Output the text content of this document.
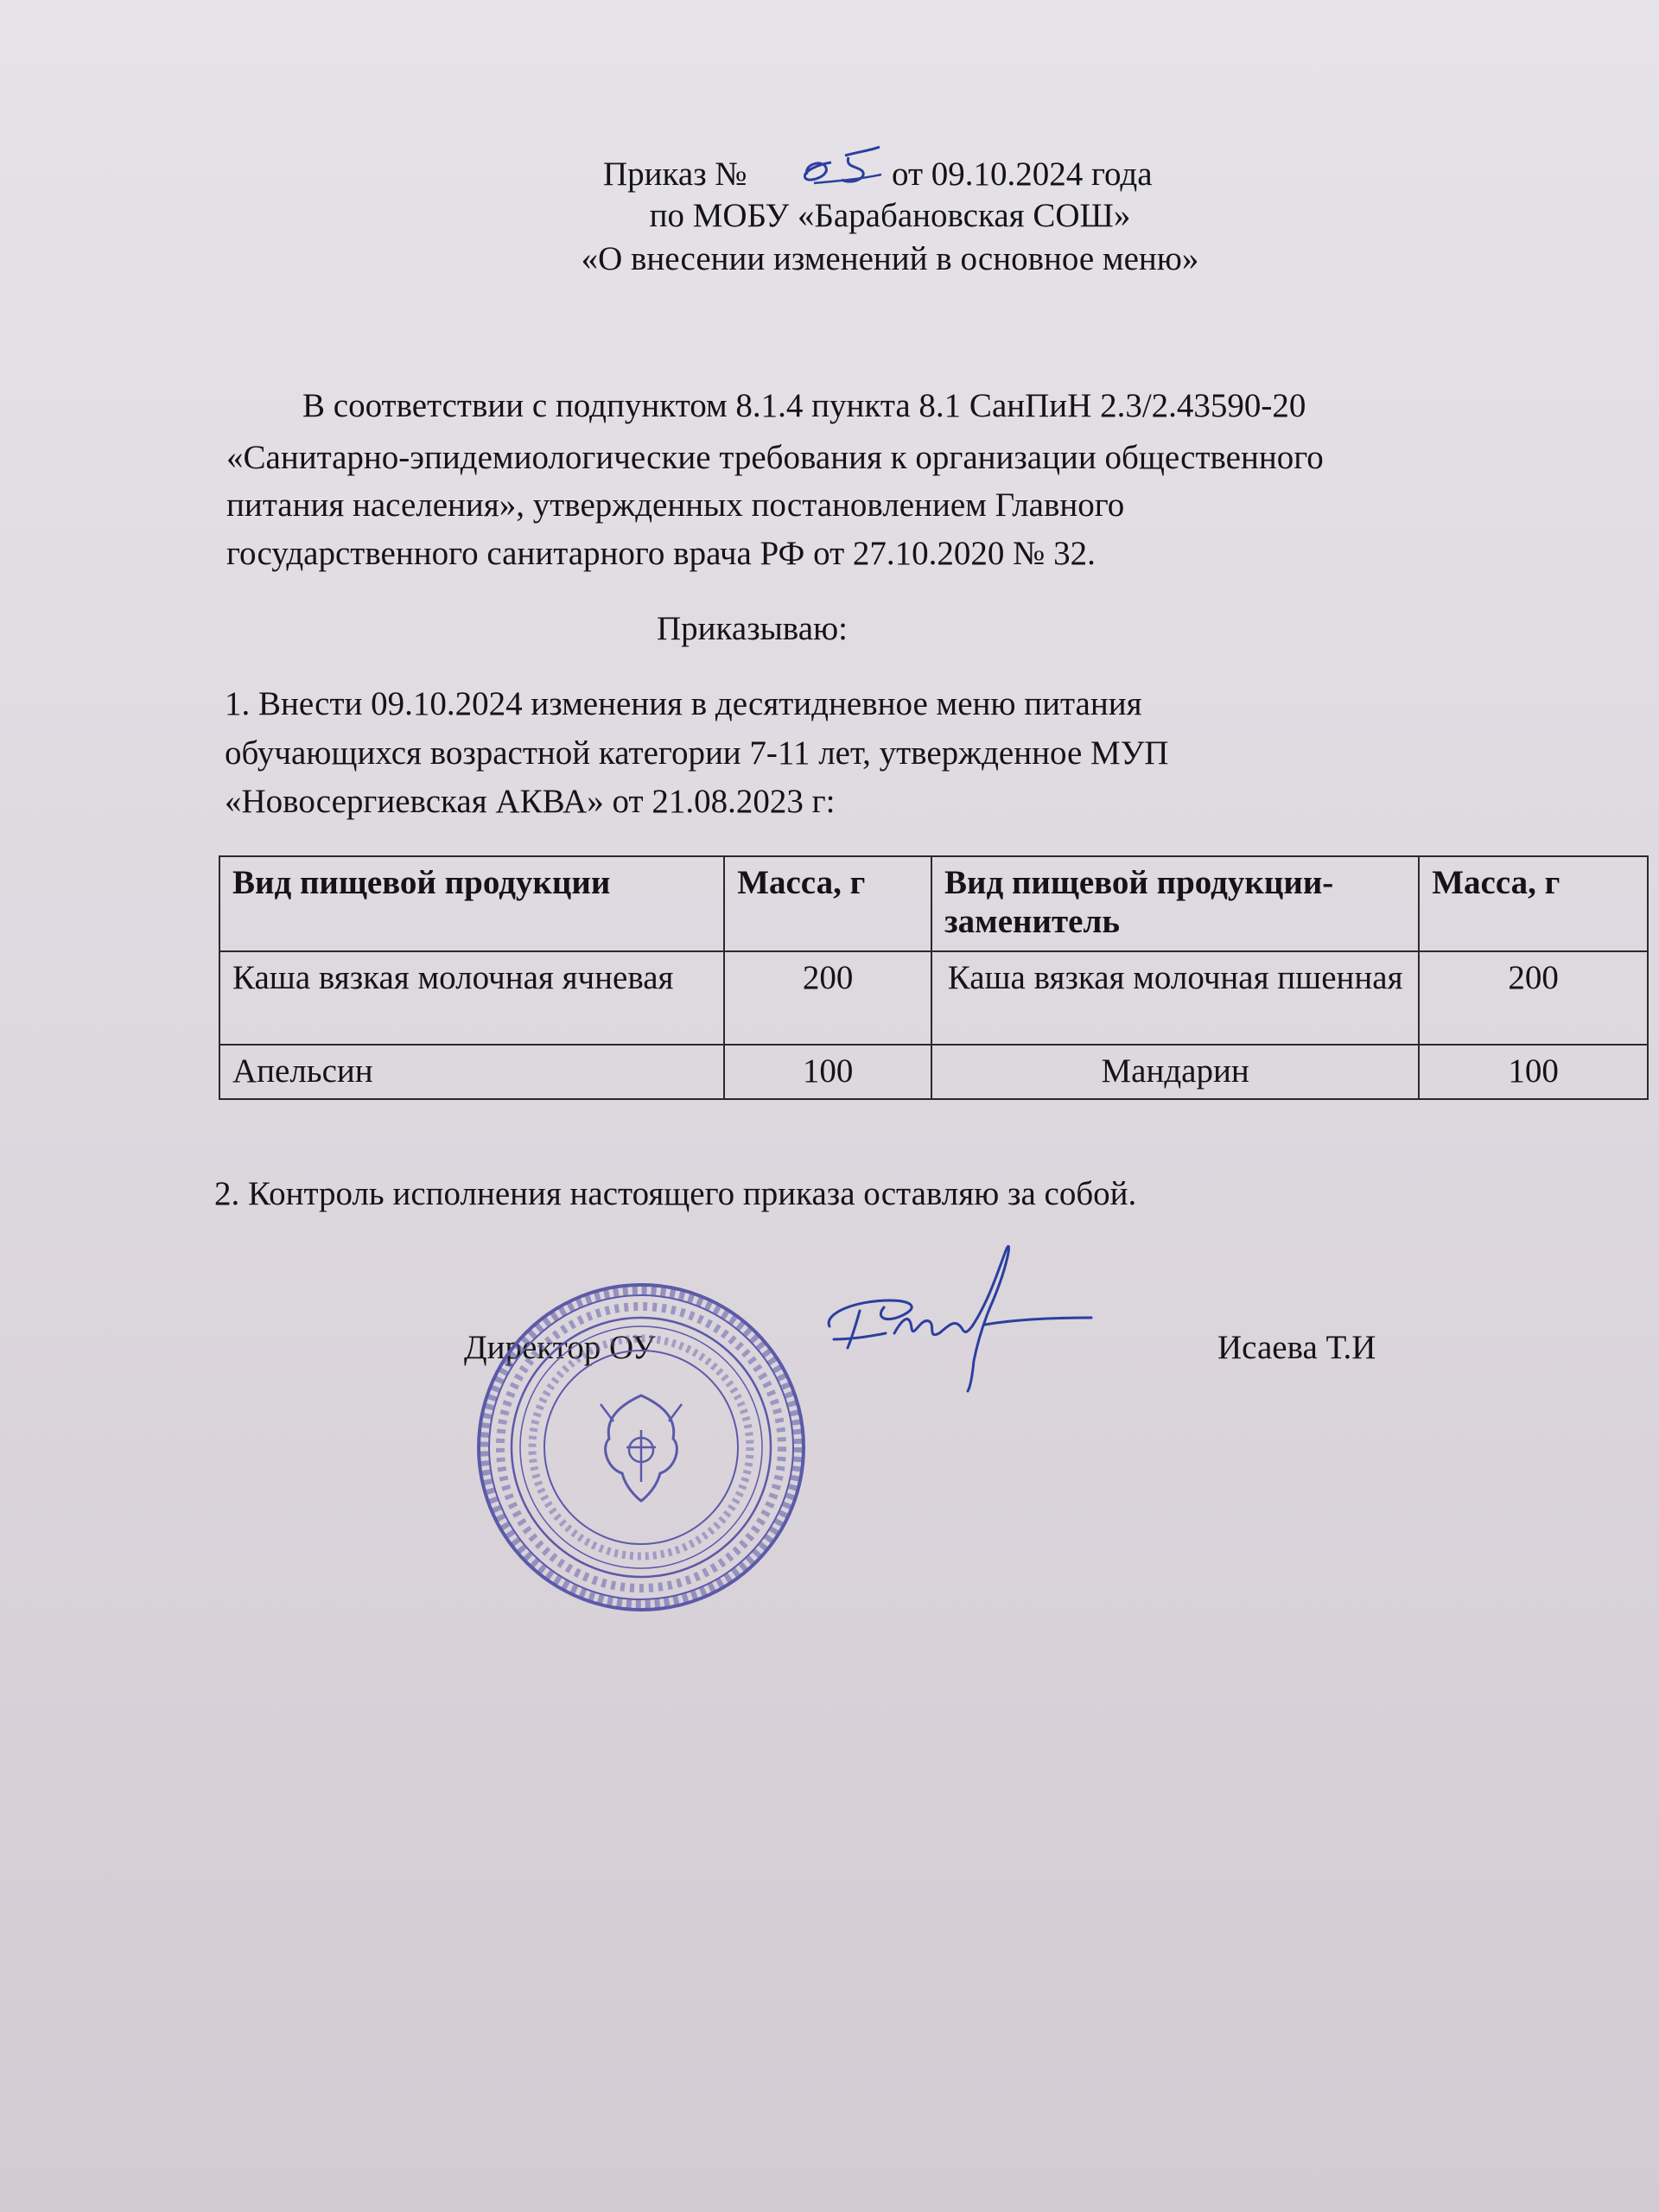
Приказ №	от 09.10.2024 года
по МОБУ «Барабановская СОШ»
«О внесении изменений в основное меню»
В соответствии с подпунктом 8.1.4 пункта 8.1 СанПиН 2.3/2.43590-20
«Санитарно-эпидемиологические требования к организации общественного
питания населения», утвержденных постановлением Главного
государственного санитарного врача РФ от 27.10.2020 № 32.
Приказываю:
1. Внести 09.10.2024 изменения в десятидневное меню питания
обучающихся возрастной категории 7-11 лет, утвержденное МУП
«Новосергиевская АКВА» от 21.08.2023 г:
Вид пищевой продукции	Масса, г	Вид пищевой продукции-заменитель	Масса, г
Каша вязкая молочная ячневая	200	Каша вязкая молочная пшенная	200
Апельсин	100	Мандарин	100
2. Контроль исполнения настоящего приказа оставляю за собой.
Директор ОУ	Исаева Т.И
